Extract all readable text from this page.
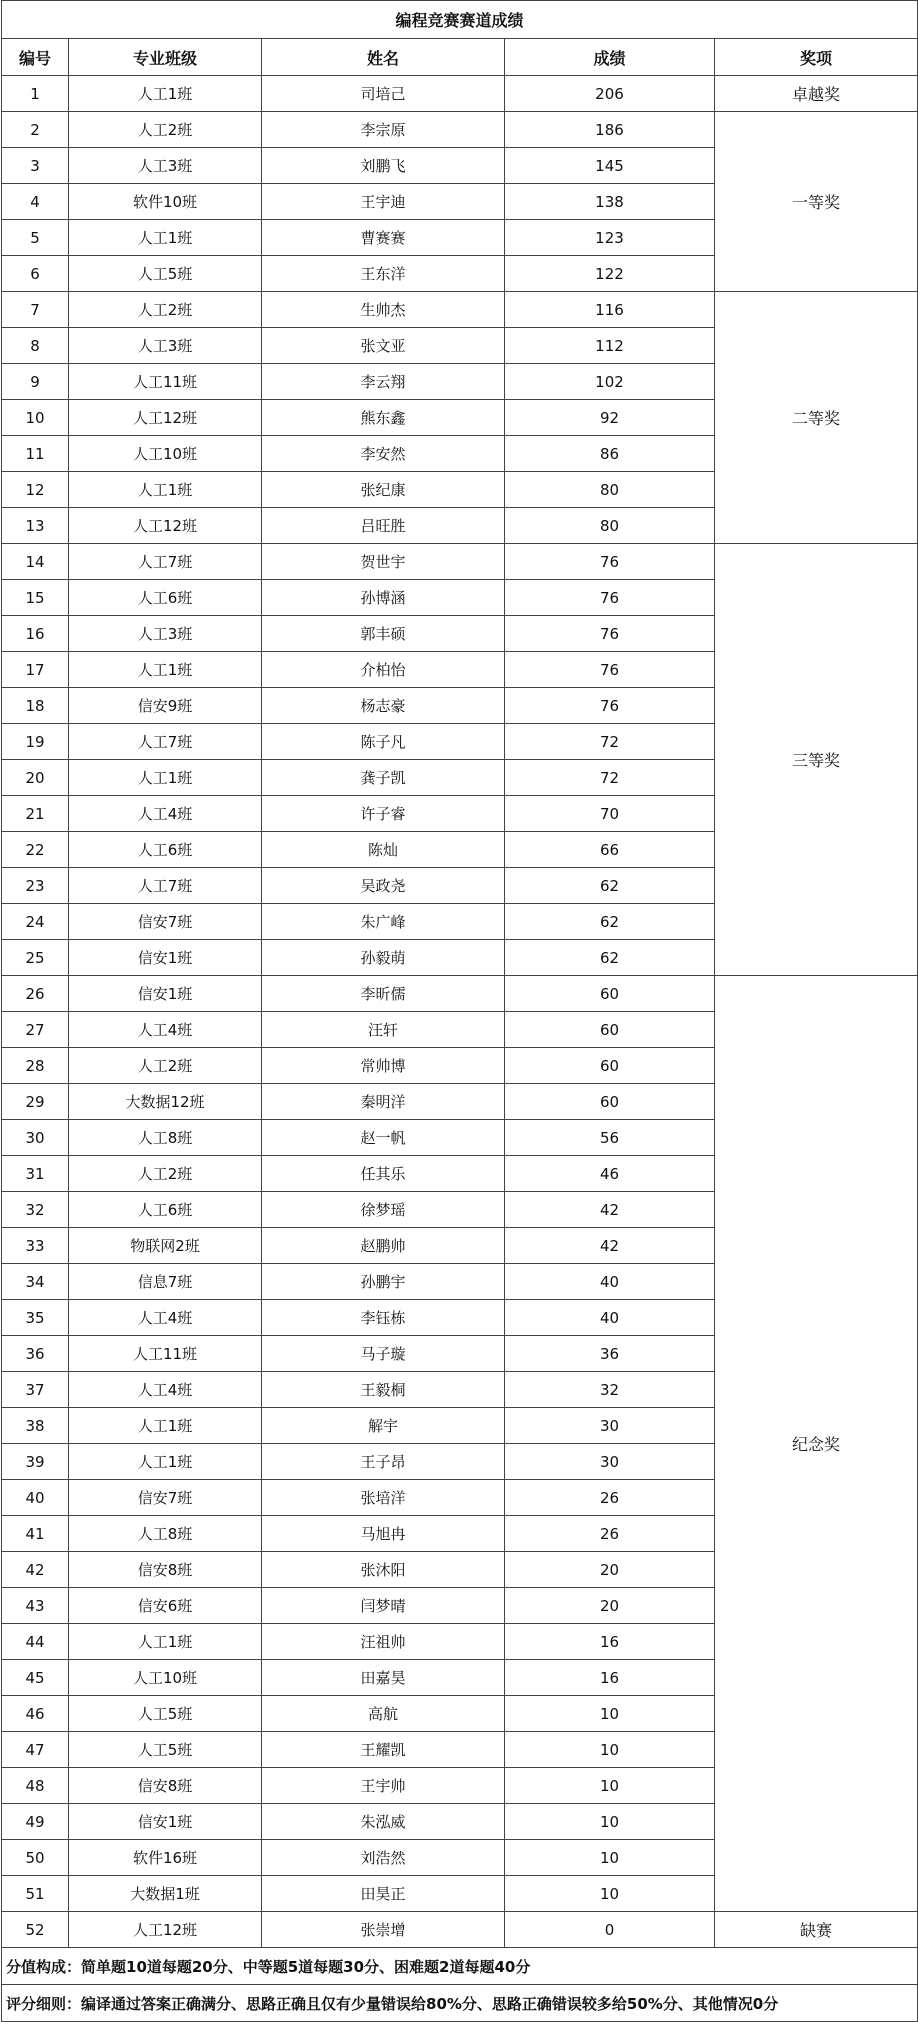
编程竞赛赛道成绩				
编号	专业班级	姓名	成绩	奖项
1	人工1班	司培己	206	卓越奖
2	人工2班	李宗原	186	一等奖
3	人工3班	刘鹏飞	145	
4	软件10班	王宇迪	138	
5	人工1班	曹赛赛	123	
6	人工5班	王东洋	122	
7	人工2班	生帅杰	116	二等奖
8	人工3班	张文亚	112	
9	人工11班	李云翔	102	
10	人工12班	熊东鑫	92	
11	人工10班	李安然	86	
12	人工1班	张纪康	80	
13	人工12班	吕旺胜	80	
14	人工7班	贺世宇	76	三等奖
15	人工6班	孙博涵	76	
16	人工3班	郭丰硕	76	
17	人工1班	介柏怡	76	
18	信安9班	杨志豪	76	
19	人工7班	陈子凡	72	
20	人工1班	龚子凯	72	
21	人工4班	许子睿	70	
22	人工6班	陈灿	66	
23	人工7班	吴政尧	62	
24	信安7班	朱广峰	62	
25	信安1班	孙毅萌	62	
26	信安1班	李昕儒	60	纪念奖
27	人工4班	汪轩	60	
28	人工2班	常帅博	60	
29	大数据12班	秦明洋	60	
30	人工8班	赵一帆	56	
31	人工2班	任其乐	46	
32	人工6班	徐梦瑶	42	
33	物联网2班	赵鹏帅	42	
34	信息7班	孙鹏宇	40	
35	人工4班	李钰栋	40	
36	人工11班	马子璇	36	
37	人工4班	王毅桐	32	
38	人工1班	解宇	30	
39	人工1班	王子昂	30	
40	信安7班	张培洋	26	
41	人工8班	马旭冉	26	
42	信安8班	张沐阳	20	
43	信安6班	闫梦晴	20	
44	人工1班	汪祖帅	16	
45	人工10班	田嘉昊	16	
46	人工5班	高航	10	
47	人工5班	王耀凯	10	
48	信安8班	王宇帅	10	
49	信安1班	朱泓威	10	
50	软件16班	刘浩然	10	
51	大数据1班	田昊正	10	
52	人工12班	张崇增	0	缺赛
分值构成：简单题10道每题20分、中等题5道每题30分、困难题2道每题40分				
评分细则：编译通过答案正确满分、思路正确且仅有少量错误给80%分、思路正确错误较多给50%分、其他情况0分				
